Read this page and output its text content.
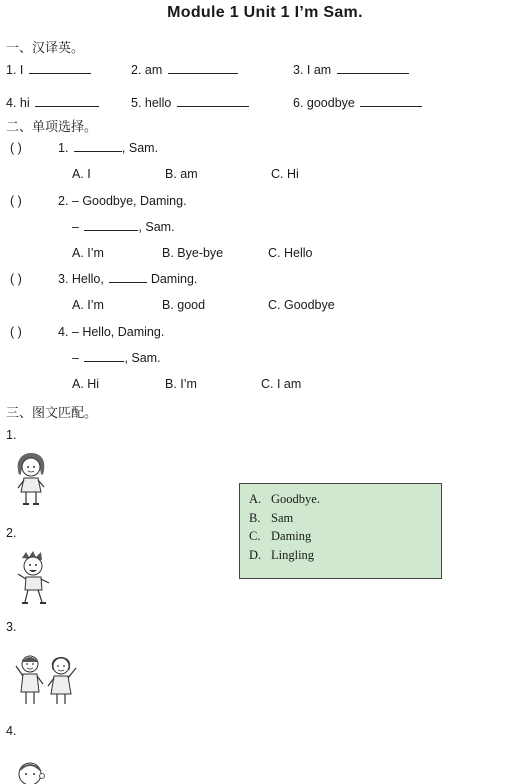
Module 1 Unit 1 I’m Sam.
一、汉译英。
1. I	2. am	3. I am
4. hi	5. hello	6. goodbye
二、单项选择。
( )	1.	, Sam.
A. I	B. am	C. Hi
( )	2. – Goodbye, Daming.
–	, Sam.
A. I’m	B. Bye-bye	C. Hello
( )	3. Hello,	Daming.
A. I’m	B. good	C. Goodbye
( )	4. – Hello, Daming.
–	, Sam.
A. Hi	B. I’m	C. I am
三、图文匹配。
1.
2.
3.
4.
A. Goodbye.
B. Sam
C. Daming
D. Lingling
